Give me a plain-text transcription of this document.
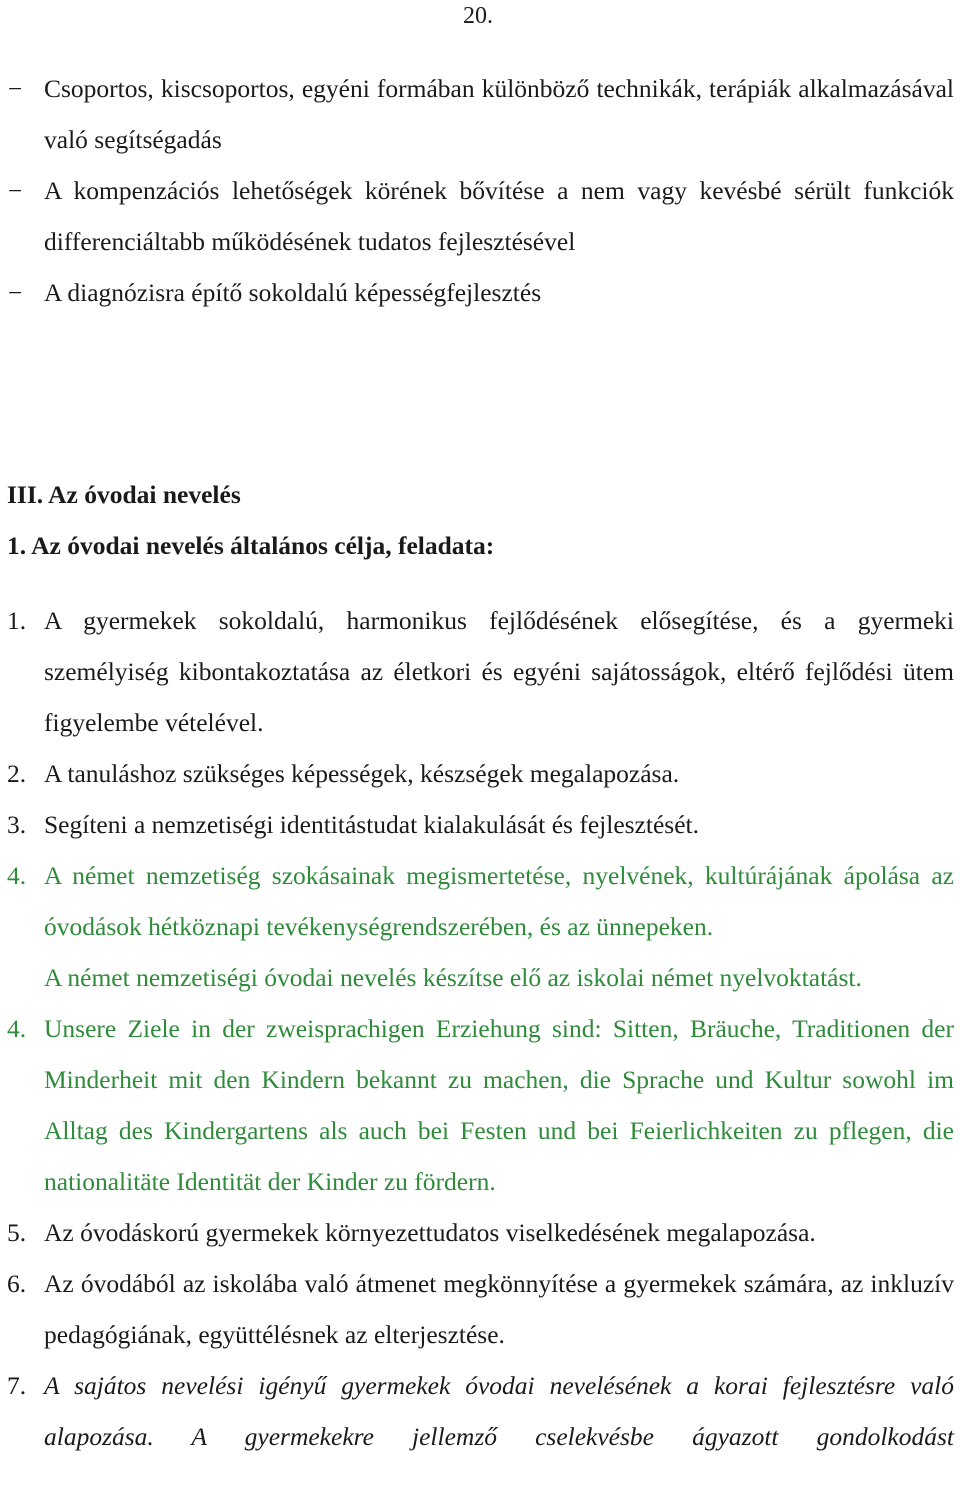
20.
− Csoportos, kiscsoportos, egyéni formában különböző technikák, terápiák alkalmazásával való segítségadás
− A kompenzációs lehetőségek körének bővítése a nem vagy kevésbé sérült funkciók differenciáltabb működésének tudatos fejlesztésével
− A diagnózisra építő sokoldalú képességfejlesztés
III. Az óvodai nevelés
1. Az óvodai nevelés általános célja, feladata:
1. A gyermekek sokoldalú, harmonikus fejlődésének elősegítése, és a gyermeki személyiség kibontakoztatása az életkori és egyéni sajátosságok, eltérő fejlődési ütem figyelembe vételével.
2. A tanuláshoz szükséges képességek, készségek megalapozása.
3. Segíteni a nemzetiségi identitástudat kialakulását és fejlesztését.
4. A német nemzetiség szokásainak megismertetése, nyelvének, kultúrájának ápolása az óvodások hétköznapi tevékenységrendszerében, és az ünnepeken.
A német nemzetiségi óvodai nevelés készítse elő az iskolai német nyelvoktatást.
4. Unsere Ziele in der zweisprachigen Erziehung sind: Sitten, Bräuche, Traditionen der Minderheit mit den Kindern bekannt zu machen, die Sprache und Kultur sowohl im Alltag des Kindergartens als auch bei Festen und bei Feierlichkeiten zu pflegen, die nationalitäte Identität der Kinder zu fördern.
5. Az óvodáskorú gyermekek környezettudatos viselkedésének megalapozása.
6. Az óvodából az iskolába való átmenet megkönnyítése a gyermekek számára, az inkluzív pedagógiának, együttélésnek az elterjesztése.
7. A sajátos nevelési igényű gyermekek óvodai nevelésének a korai fejlesztésre való alapozása. A gyermekekre jellemző cselekvésbe ágyazott gondolkodást
